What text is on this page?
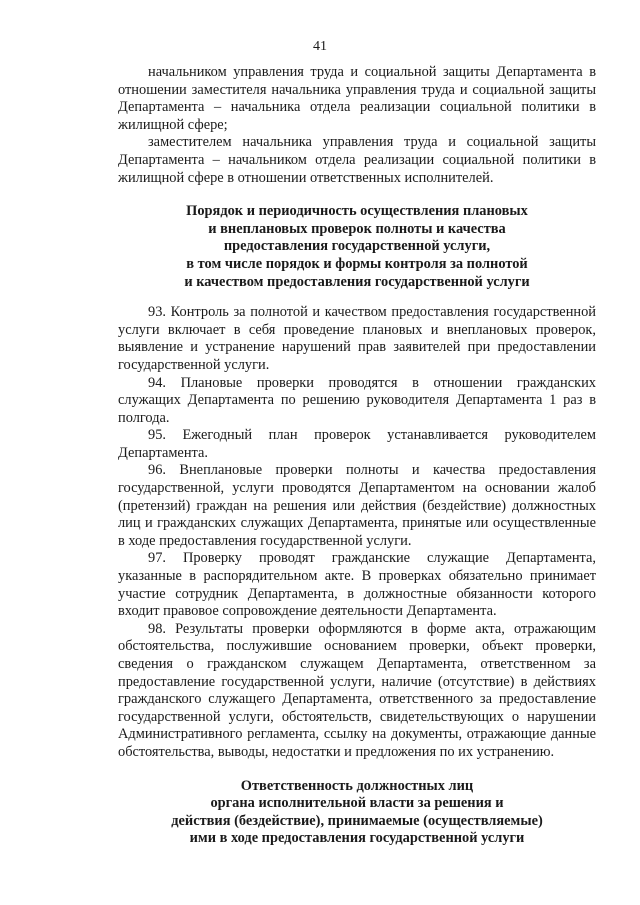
41

начальником управления труда и социальной защиты Департамента в отношении заместителя начальника управления труда и социальной защиты Департамента – начальника отдела реализации социальной политики в жилищной сфере;

заместителем начальника управления труда и социальной защиты Департамента – начальником отдела реализации социальной политики в жилищной сфере в отношении ответственных исполнителей.

Порядок и периодичность осуществления плановых
и внеплановых проверок полноты и качества
предоставления государственной услуги,
в том числе порядок и формы контроля за полнотой
и качеством предоставления государственной услуги

93. Контроль за полнотой и качеством предоставления государственной услуги включает в себя проведение плановых и внеплановых проверок, выявление и устранение нарушений прав заявителей при предоставлении государственной услуги.

94. Плановые проверки проводятся в отношении гражданских служащих Департамента по решению руководителя Департамента 1 раз в полгода.

95. Ежегодный план проверок устанавливается руководителем Департамента.

96. Внеплановые проверки полноты и качества предоставления государственной, услуги проводятся Департаментом на основании жалоб (претензий) граждан на решения или действия (бездействие) должностных лиц и гражданских служащих Департамента, принятые или осуществленные в ходе предоставления государственной услуги.

97. Проверку проводят гражданские служащие Департамента, указанные в распорядительном акте. В проверках обязательно принимает участие сотрудник Департамента, в должностные обязанности которого входит правовое сопровождение деятельности Департамента.

98. Результаты проверки оформляются в форме акта, отражающим обстоятельства, послужившие основанием проверки, объект проверки, сведения о гражданском служащем Департамента, ответственном за предоставление государственной услуги, наличие (отсутствие) в действиях гражданского служащего Департамента, ответственного за предоставление государственной услуги, обстоятельств, свидетельствующих о нарушении Административного регламента, ссылку на документы, отражающие данные обстоятельства, выводы, недостатки и предложения по их устранению.

Ответственность должностных лиц
органа исполнительной власти за решения и
действия (бездействие), принимаемые (осуществляемые)
ими в ходе предоставления государственной услуги
